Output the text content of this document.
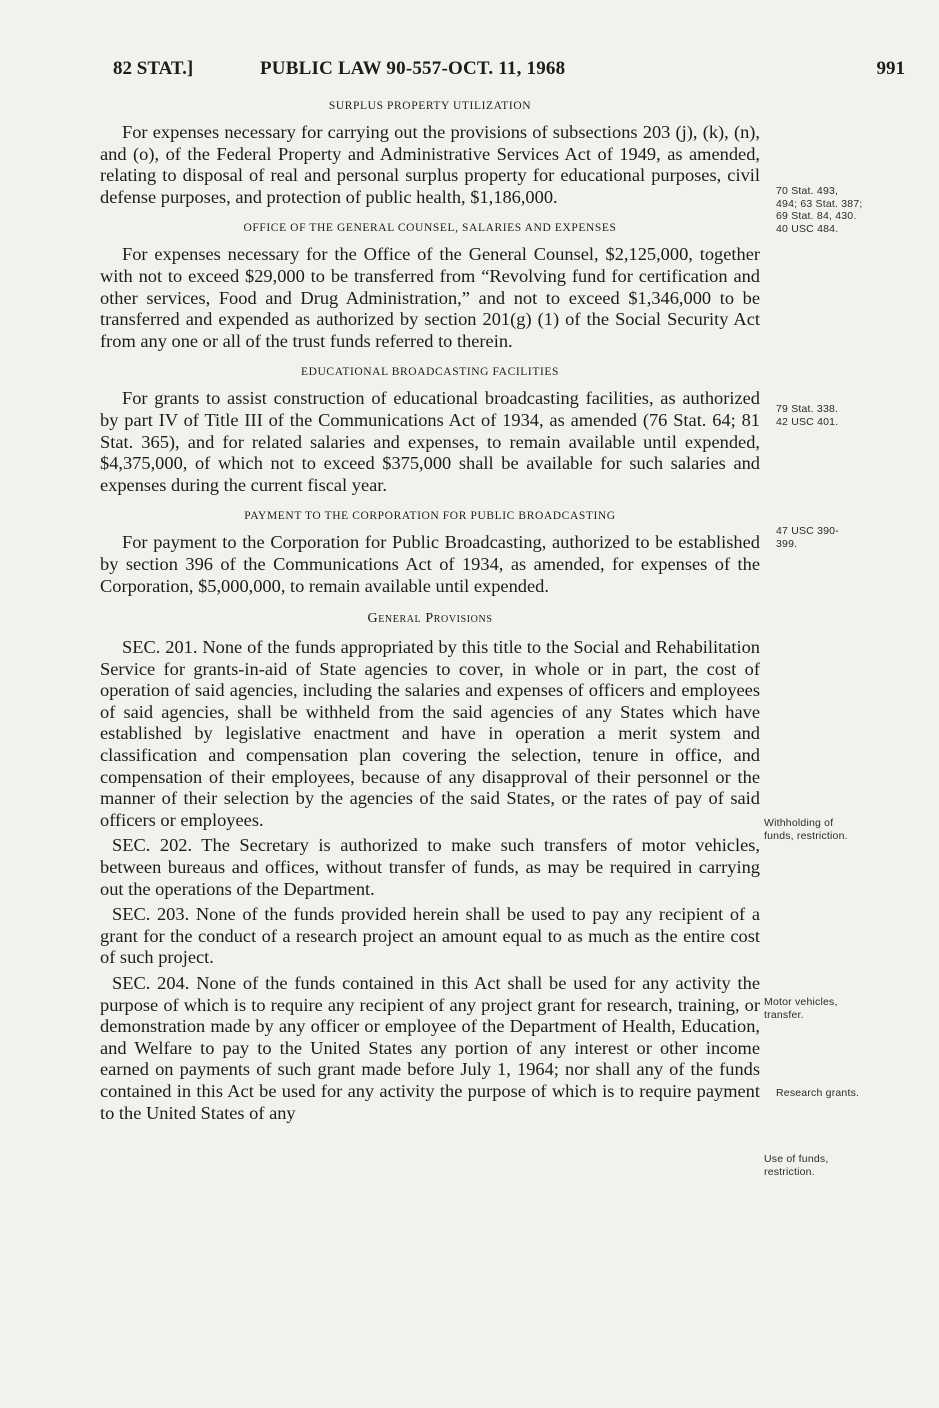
82 STAT.]	PUBLIC LAW 90-557-OCT. 11, 1968	991
SURPLUS PROPERTY UTILIZATION

For expenses necessary for carrying out the provisions of subsections 203 (j), (k), (n), and (o), of the Federal Property and Administrative Services Act of 1949, as amended, relating to disposal of real and personal surplus property for educational purposes, civil defense purposes, and protection of public health, $1,186,000.

OFFICE OF THE GENERAL COUNSEL, SALARIES AND EXPENSES

For expenses necessary for the Office of the General Counsel, $2,125,000, together with not to exceed $29,000 to be transferred from “Revolving fund for certification and other services, Food and Drug Administration,” and not to exceed $1,346,000 to be transferred and expended as authorized by section 201(g) (1) of the Social Security Act from any one or all of the trust funds referred to therein.

EDUCATIONAL BROADCASTING FACILITIES

For grants to assist construction of educational broadcasting facilities, as authorized by part IV of Title III of the Communications Act of 1934, as amended (76 Stat. 64; 81 Stat. 365), and for related salaries and expenses, to remain available until expended, $4,375,000, of which not to exceed $375,000 shall be available for such salaries and expenses during the current fiscal year.

PAYMENT TO THE CORPORATION FOR PUBLIC BROADCASTING

For payment to the Corporation for Public Broadcasting, authorized to be established by section 396 of the Communications Act of 1934, as amended, for expenses of the Corporation, $5,000,000, to remain available until expended.

General Provisions

SEC. 201. None of the funds appropriated by this title to the Social and Rehabilitation Service for grants-in-aid of State agencies to cover, in whole or in part, the cost of operation of said agencies, including the salaries and expenses of officers and employees of said agencies, shall be withheld from the said agencies of any States which have established by legislative enactment and have in operation a merit system and classification and compensation plan covering the selection, tenure in office, and compensation of their employees, because of any disapproval of their personnel or the manner of their selection by the agencies of the said States, or the rates of pay of said officers or employees.

SEC. 202. The Secretary is authorized to make such transfers of motor vehicles, between bureaus and offices, without transfer of funds, as may be required in carrying out the operations of the Department.

SEC. 203. None of the funds provided herein shall be used to pay any recipient of a grant for the conduct of a research project an amount equal to as much as the entire cost of such project.

SEC. 204. None of the funds contained in this Act shall be used for any activity the purpose of which is to require any recipient of any project grant for research, training, or demonstration made by any officer or employee of the Department of Health, Education, and Welfare to pay to the United States any portion of any interest or other income earned on payments of such grant made before July 1, 1964; nor shall any of the funds contained in this Act be used for any activity the purpose of which is to require payment to the United States of any

70 Stat. 493,
494; 63 Stat. 387;
69 Stat. 84, 430.
40 USC 484.
79 Stat. 338.
42 USC 401.
47 USC 390-
399.
Withholding of
funds, restriction.
Motor vehicles,
transfer.
Research grants.
Use of funds,
restriction.
